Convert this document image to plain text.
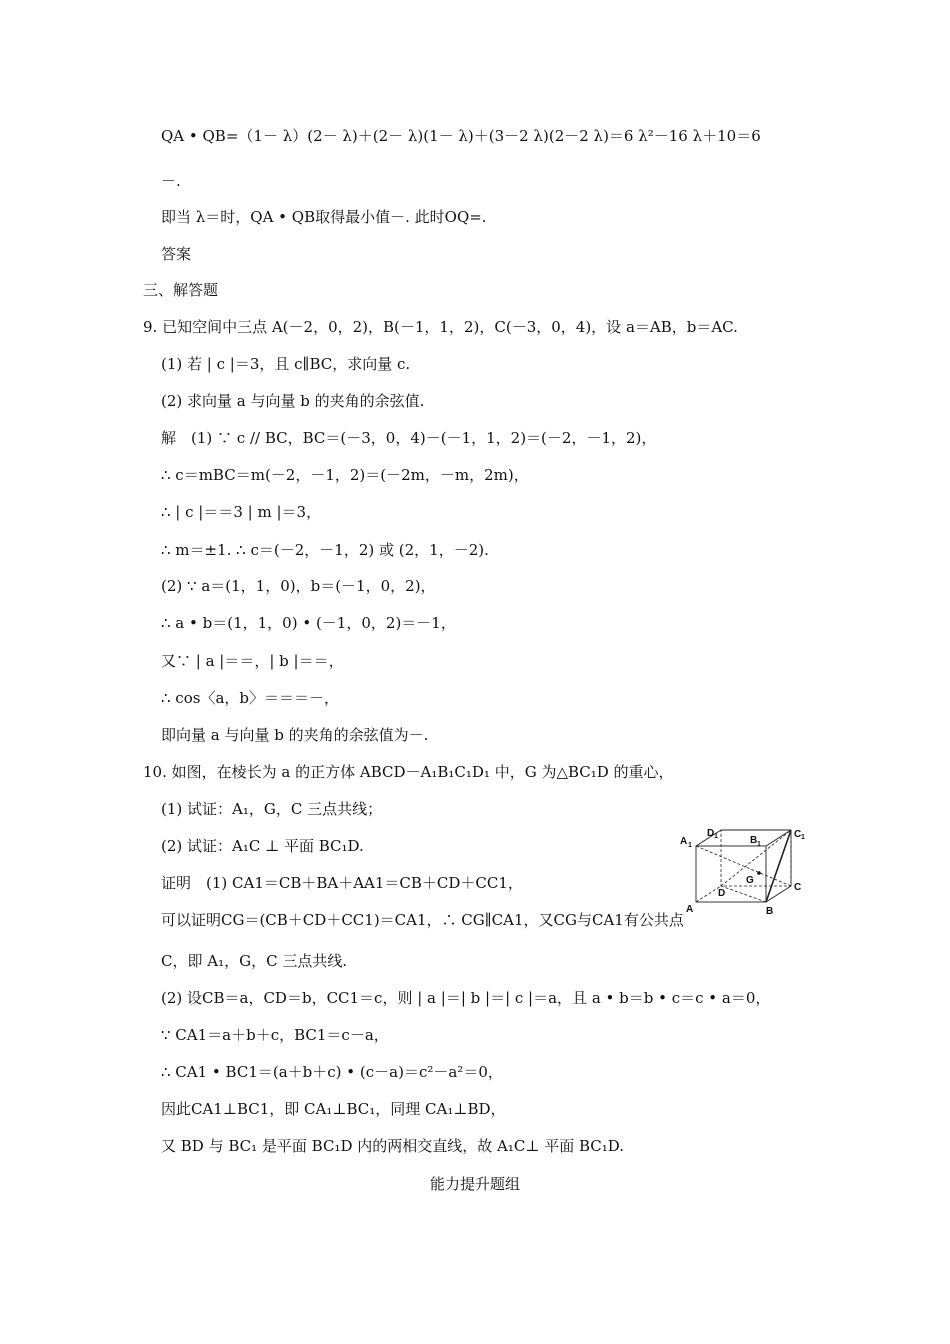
QA • QB=（1－ λ）(2－ λ)＋(2－ λ)(1－ λ)＋(3－2 λ)(2－2 λ)＝6 λ²－16 λ＋10＝6
－.
即当 λ＝时，QA • QB取得最小值－. 此时OQ=.
答案
三、解答题
9. 已知空间中三点 A(－2，0，2)，B(－1，1，2)，C(－3，0，4)，设 a＝AB，b＝AC.
(1) 若 | c |＝3，且 c∥BC，求向量 c.
(2) 求向量 a 与向量 b 的夹角的余弦值.
解　(1) ∵ c // BC，BC＝(－3，0，4)－(－1，1，2)＝(－2，－1，2)，
∴ c＝mBC＝m(－2，－1，2)＝(－2m，－m，2m)，
∴ | c |＝＝3 | m |＝3，
∴ m＝±1. ∴ c＝(－2，－1，2) 或 (2，1，－2).
(2) ∵ a＝(1，1，0)，b＝(－1，0，2)，
∴ a • b＝(1，1，0) • (－1，0，2)＝－1，
又∵ | a |＝＝，| b |＝＝，
∴ cos〈a，b〉＝＝＝－，
即向量 a 与向量 b 的夹角的余弦值为－.
10. 如图，在棱长为 a 的正方体 ABCD－A₁B₁C₁D₁ 中，G 为△BC₁D 的重心，
(1) 试证：A₁，G，C 三点共线；
(2) 试证：A₁C ⊥ 平面 BC₁D.
证明　(1) CA1＝CB＋BA＋AA1＝CB＋CD＋CC1，
可以证明CG＝(CB＋CD＋CC1)＝CA1，∴ CG∥CA1，又CG与CA1有公共点
C，即 A₁，G，C 三点共线.
(2) 设CB＝a，CD＝b，CC1＝c，则 | a |＝| b |＝| c |＝a，且 a • b＝b • c＝c • a＝0，
∵ CA1＝a＋b＋c，BC1＝c－a，
∴ CA1 • BC1＝(a＋b＋c) • (c－a)＝c²－a²＝0，
因此CA1⊥BC1，即 CA₁⊥BC₁，同理 CA₁⊥BD，
又 BD 与 BC₁ 是平面 BC₁D 内的两相交直线，故 A₁C⊥ 平面 BC₁D.
能力提升题组
D 1	C 1
A 1	B 1
G
D
C
A	B
